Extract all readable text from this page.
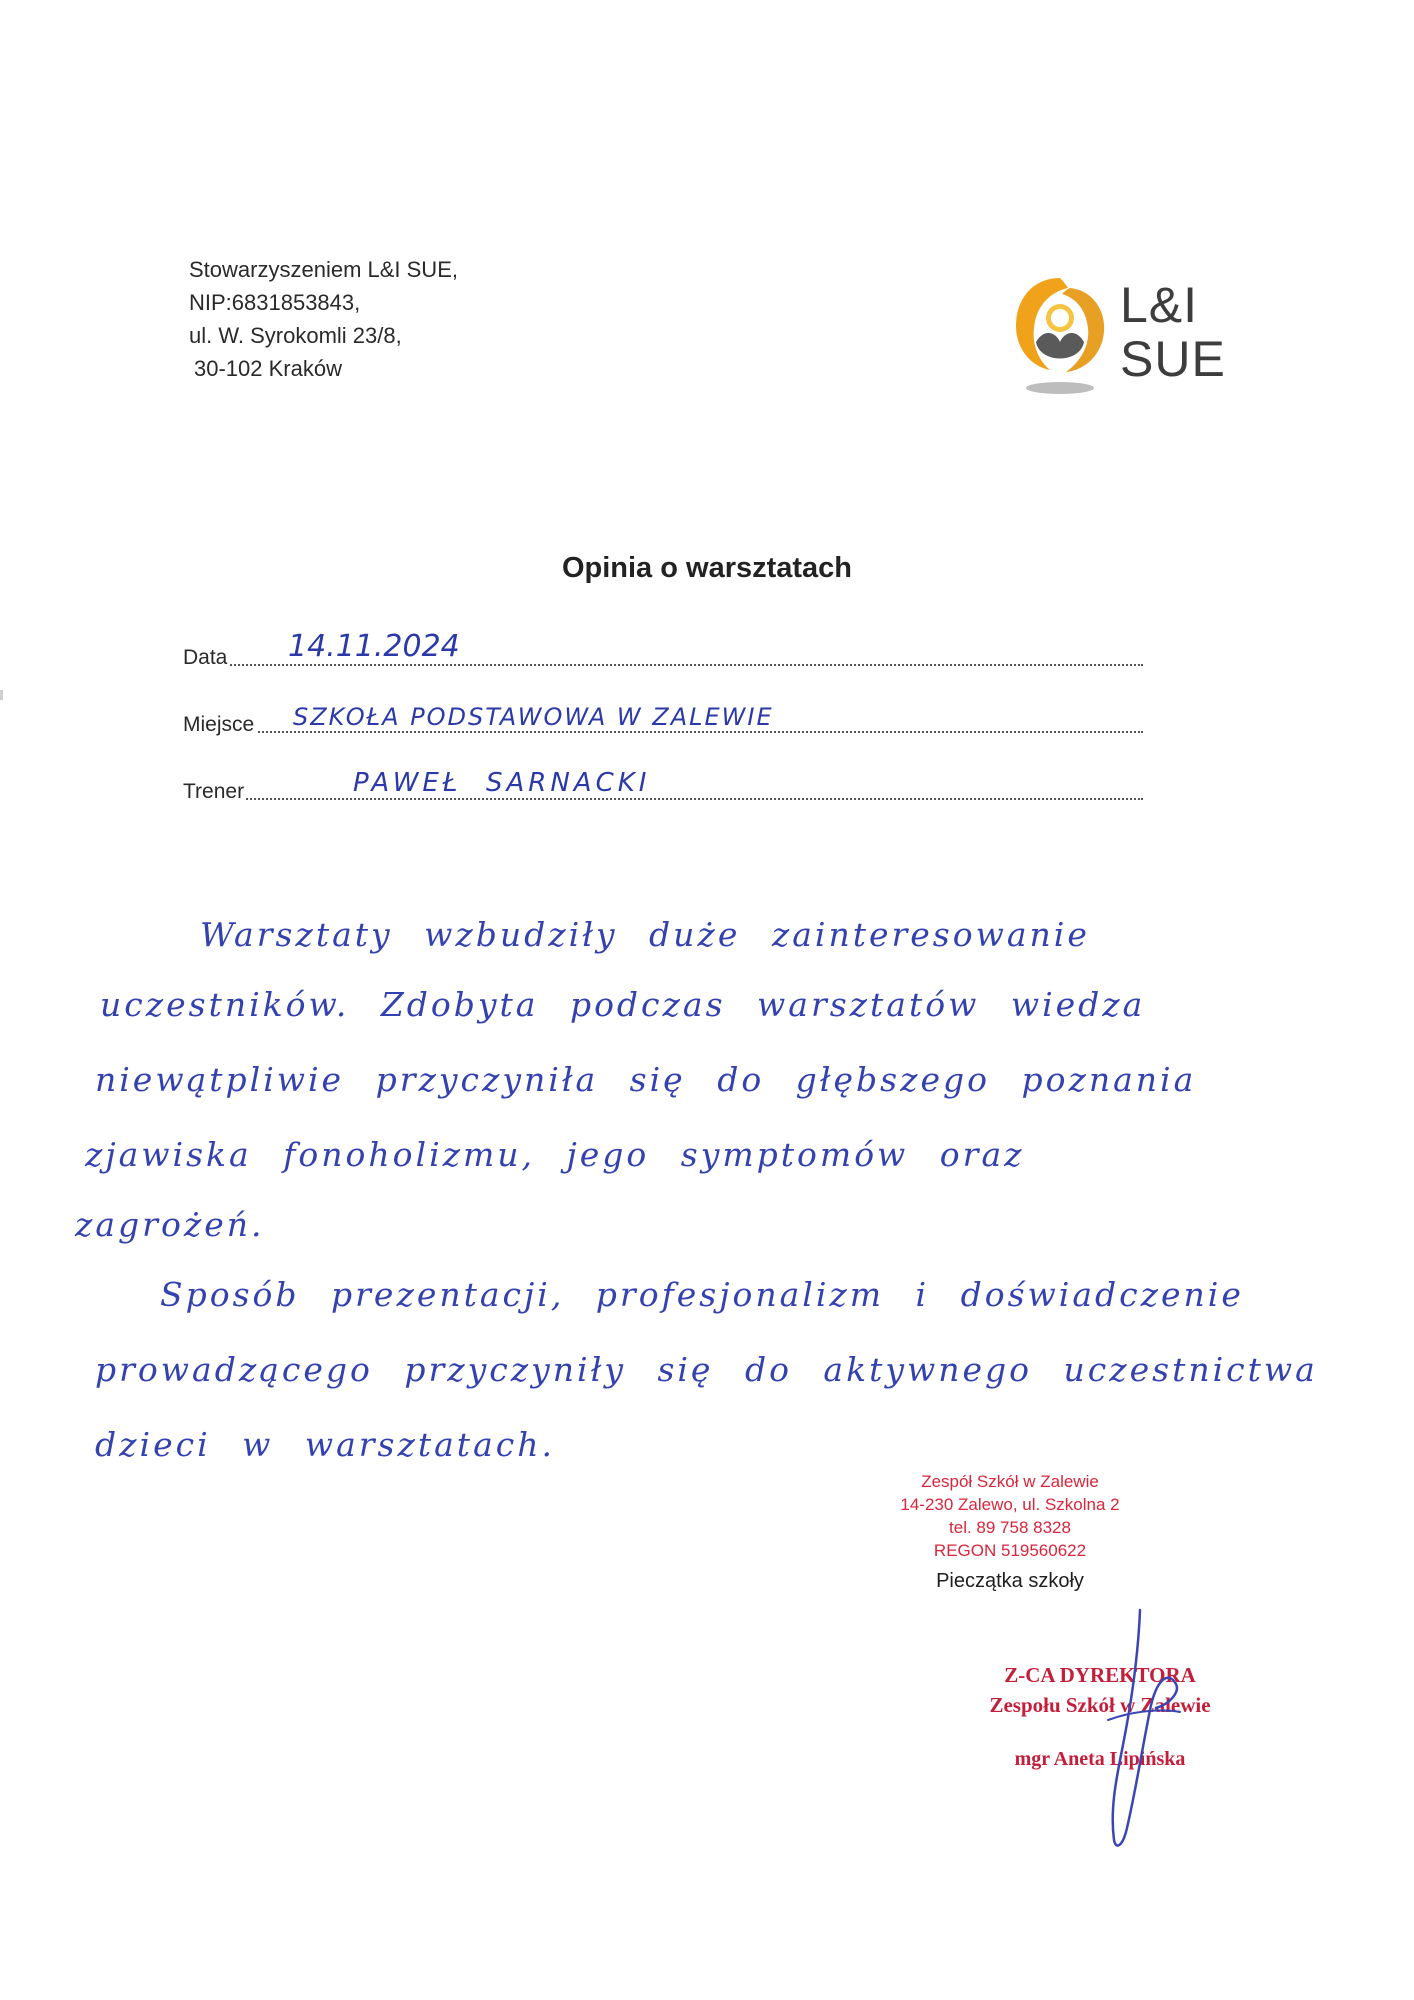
Stowarzyszeniem L&I SUE,
NIP:6831853843,
ul. W. Syrokomli 23/8,
30-102 Kraków
L&I
SUE
Opinia o warsztatach
Data 14.11.2024
Miejsce SZKOŁA PODSTAWOWA W ZALEWIE
Trener	PAWEŁ  SARNACKI
Warsztaty wzbudziły duże zainteresowanie
uczestników. Zdobyta podczas warsztatów wiedza
niewątpliwie przyczyniła się do głębszego poznania
zjawiska fonoholizmu, jego symptomów oraz
zagrożeń.
Sposób prezentacji, profesjonalizm i doświadczenie
prowadzącego przyczyniły się do aktywnego uczestnictwa
dzieci w warsztatach.
Zespół Szkół w Zalewie
14-230 Zalewo, ul. Szkolna 2
tel. 89 758 8328
REGON 519560622
Pieczątka szkoły
Z-CA DYREKTORA
Zespołu Szkół w Zalewie
mgr Aneta Lipińska
